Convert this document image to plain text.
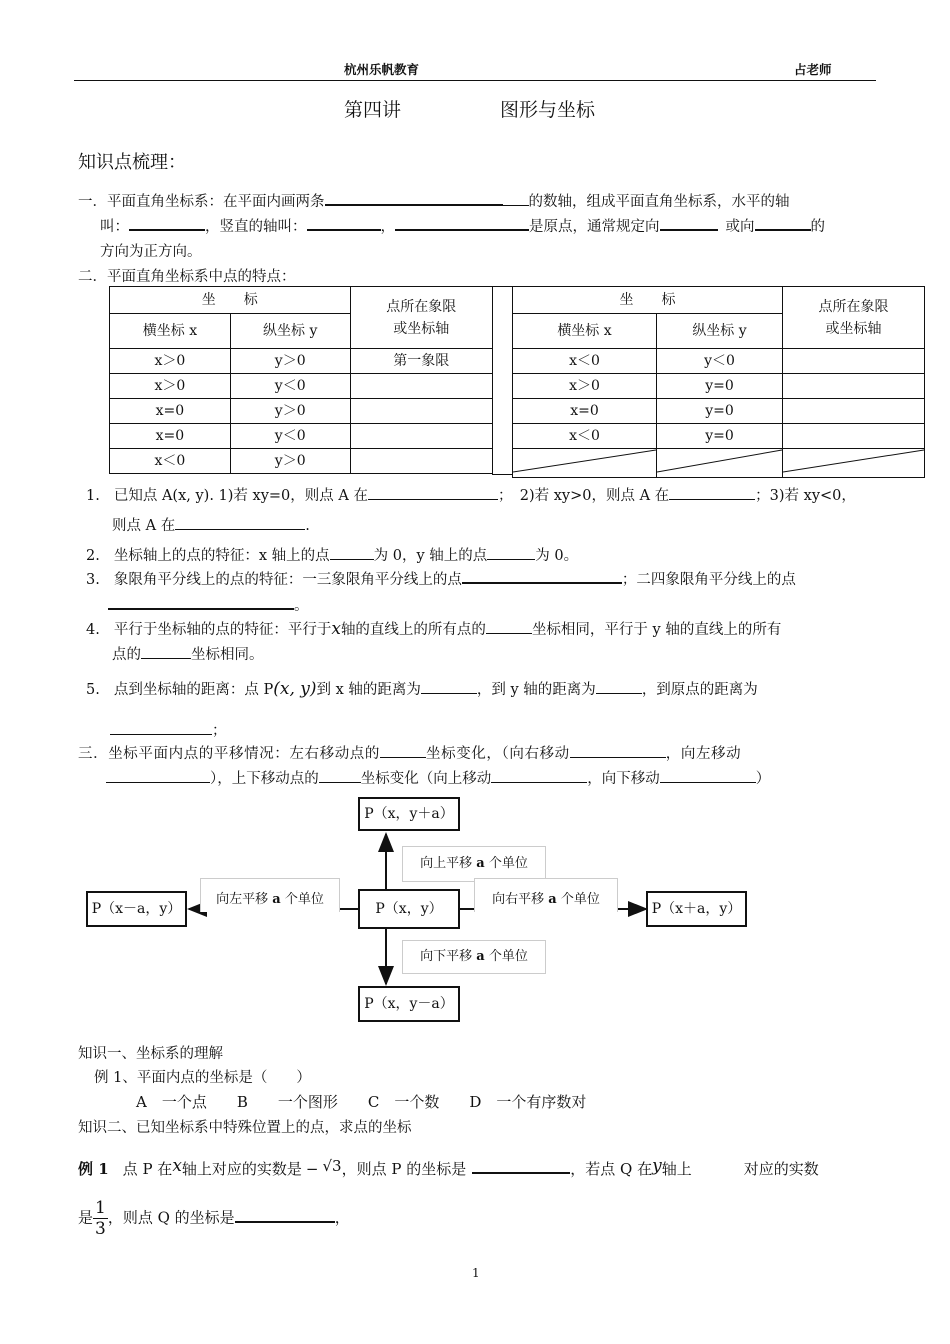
杭州乐帆教育	占老师
第四讲	图形与坐标
知识点梳理：
一．平面直角坐标系：在平面内画两条	的数轴，组成平面直角坐标系，水平的轴
叫：	，竖直的轴叫：	，	是原点，通常规定向	或向	的
方向为正方向。
二．平面直角坐标系中点的特点：
坐　　标		点所在象限
或坐标轴
横坐标 x	纵坐标 y	
x＞0	y＞0	第一象限
x＞0	y＜0	
x=0	y＞0	
x=0	y＜0	
x＜0	y＞0	
坐　　标		点所在象限
或坐标轴
横坐标 x	纵坐标 y	
x＜0	y＜0	
x＞0	y=0	
x=0	y=0	
x＜0	y=0	

1. 已知点 A(x, y). 1)若 xy=0，则点 A 在	；　2)若 xy>0，则点 A 在	；3)若 xy<0，
则点 A 在	.
2. 坐标轴上的点的特征：x 轴上的点	为 0，y 轴上的点	为 0。
3. 象限角平分线上的点的特征：一三象限角平分线上的点	；二四象限角平分线上的点
。
4. 平行于坐标轴的点的特征：平行于x轴的直线上的所有点的	坐标相同，平行于 y 轴的直线上的所有
点的	坐标相同。
5. 点到坐标轴的距离：点 P(x, y)到 x 轴的距离为	，到 y 轴的距离为	，到原点的距离为
；
三．坐标平面内点的平移情况：左右移动点的	坐标变化，（向右移动	，向左移动
），上下移动点的	坐标变化（向上移动	，向下移动	）
P（x，y＋a）
P（x，y）
P（x，y－a）
P（x－a，y）	P（x＋a，y）
向上平移 a 个单位
向下平移 a 个单位
向左平移 a 个单位	向右平移 a 个单位
知识一、坐标系的理解
例 1、平面内点的坐标是（　　）
A　一个点　　B　　一个图形　　C　一个数　　D　一个有序数对
知识二、已知坐标系中特殊位置上的点，求点的坐标
例 1 点 P 在x轴上对应的实数是 − √3，则点 P 的坐标是	，若点 Q 在y轴上	对应的实数
是 $\frac{1}{3}$ ，则点 Q 的坐标是	，
1
